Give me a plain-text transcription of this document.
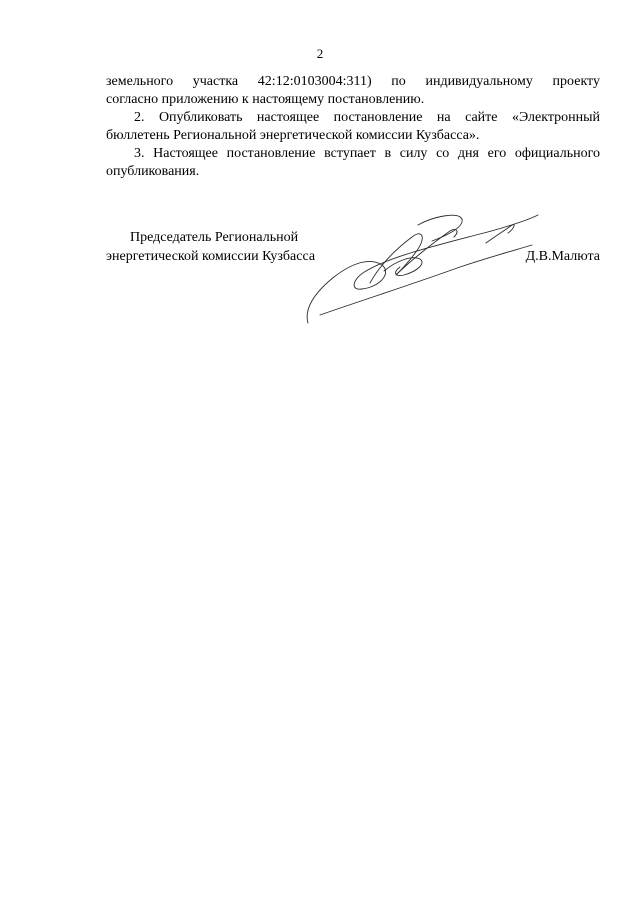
2

земельного участка 42:12:0103004:311) по индивидуальному проекту

согласно приложению к настоящему постановлению.

2. Опубликовать настоящее постановление на сайте «Электронный бюллетень Региональной энергетической комиссии Кузбасса».

3. Настоящее постановление вступает в силу со дня его официального опубликования.

Председатель Региональной
энергетической комиссии Кузбасса	Д.В.Малюта
